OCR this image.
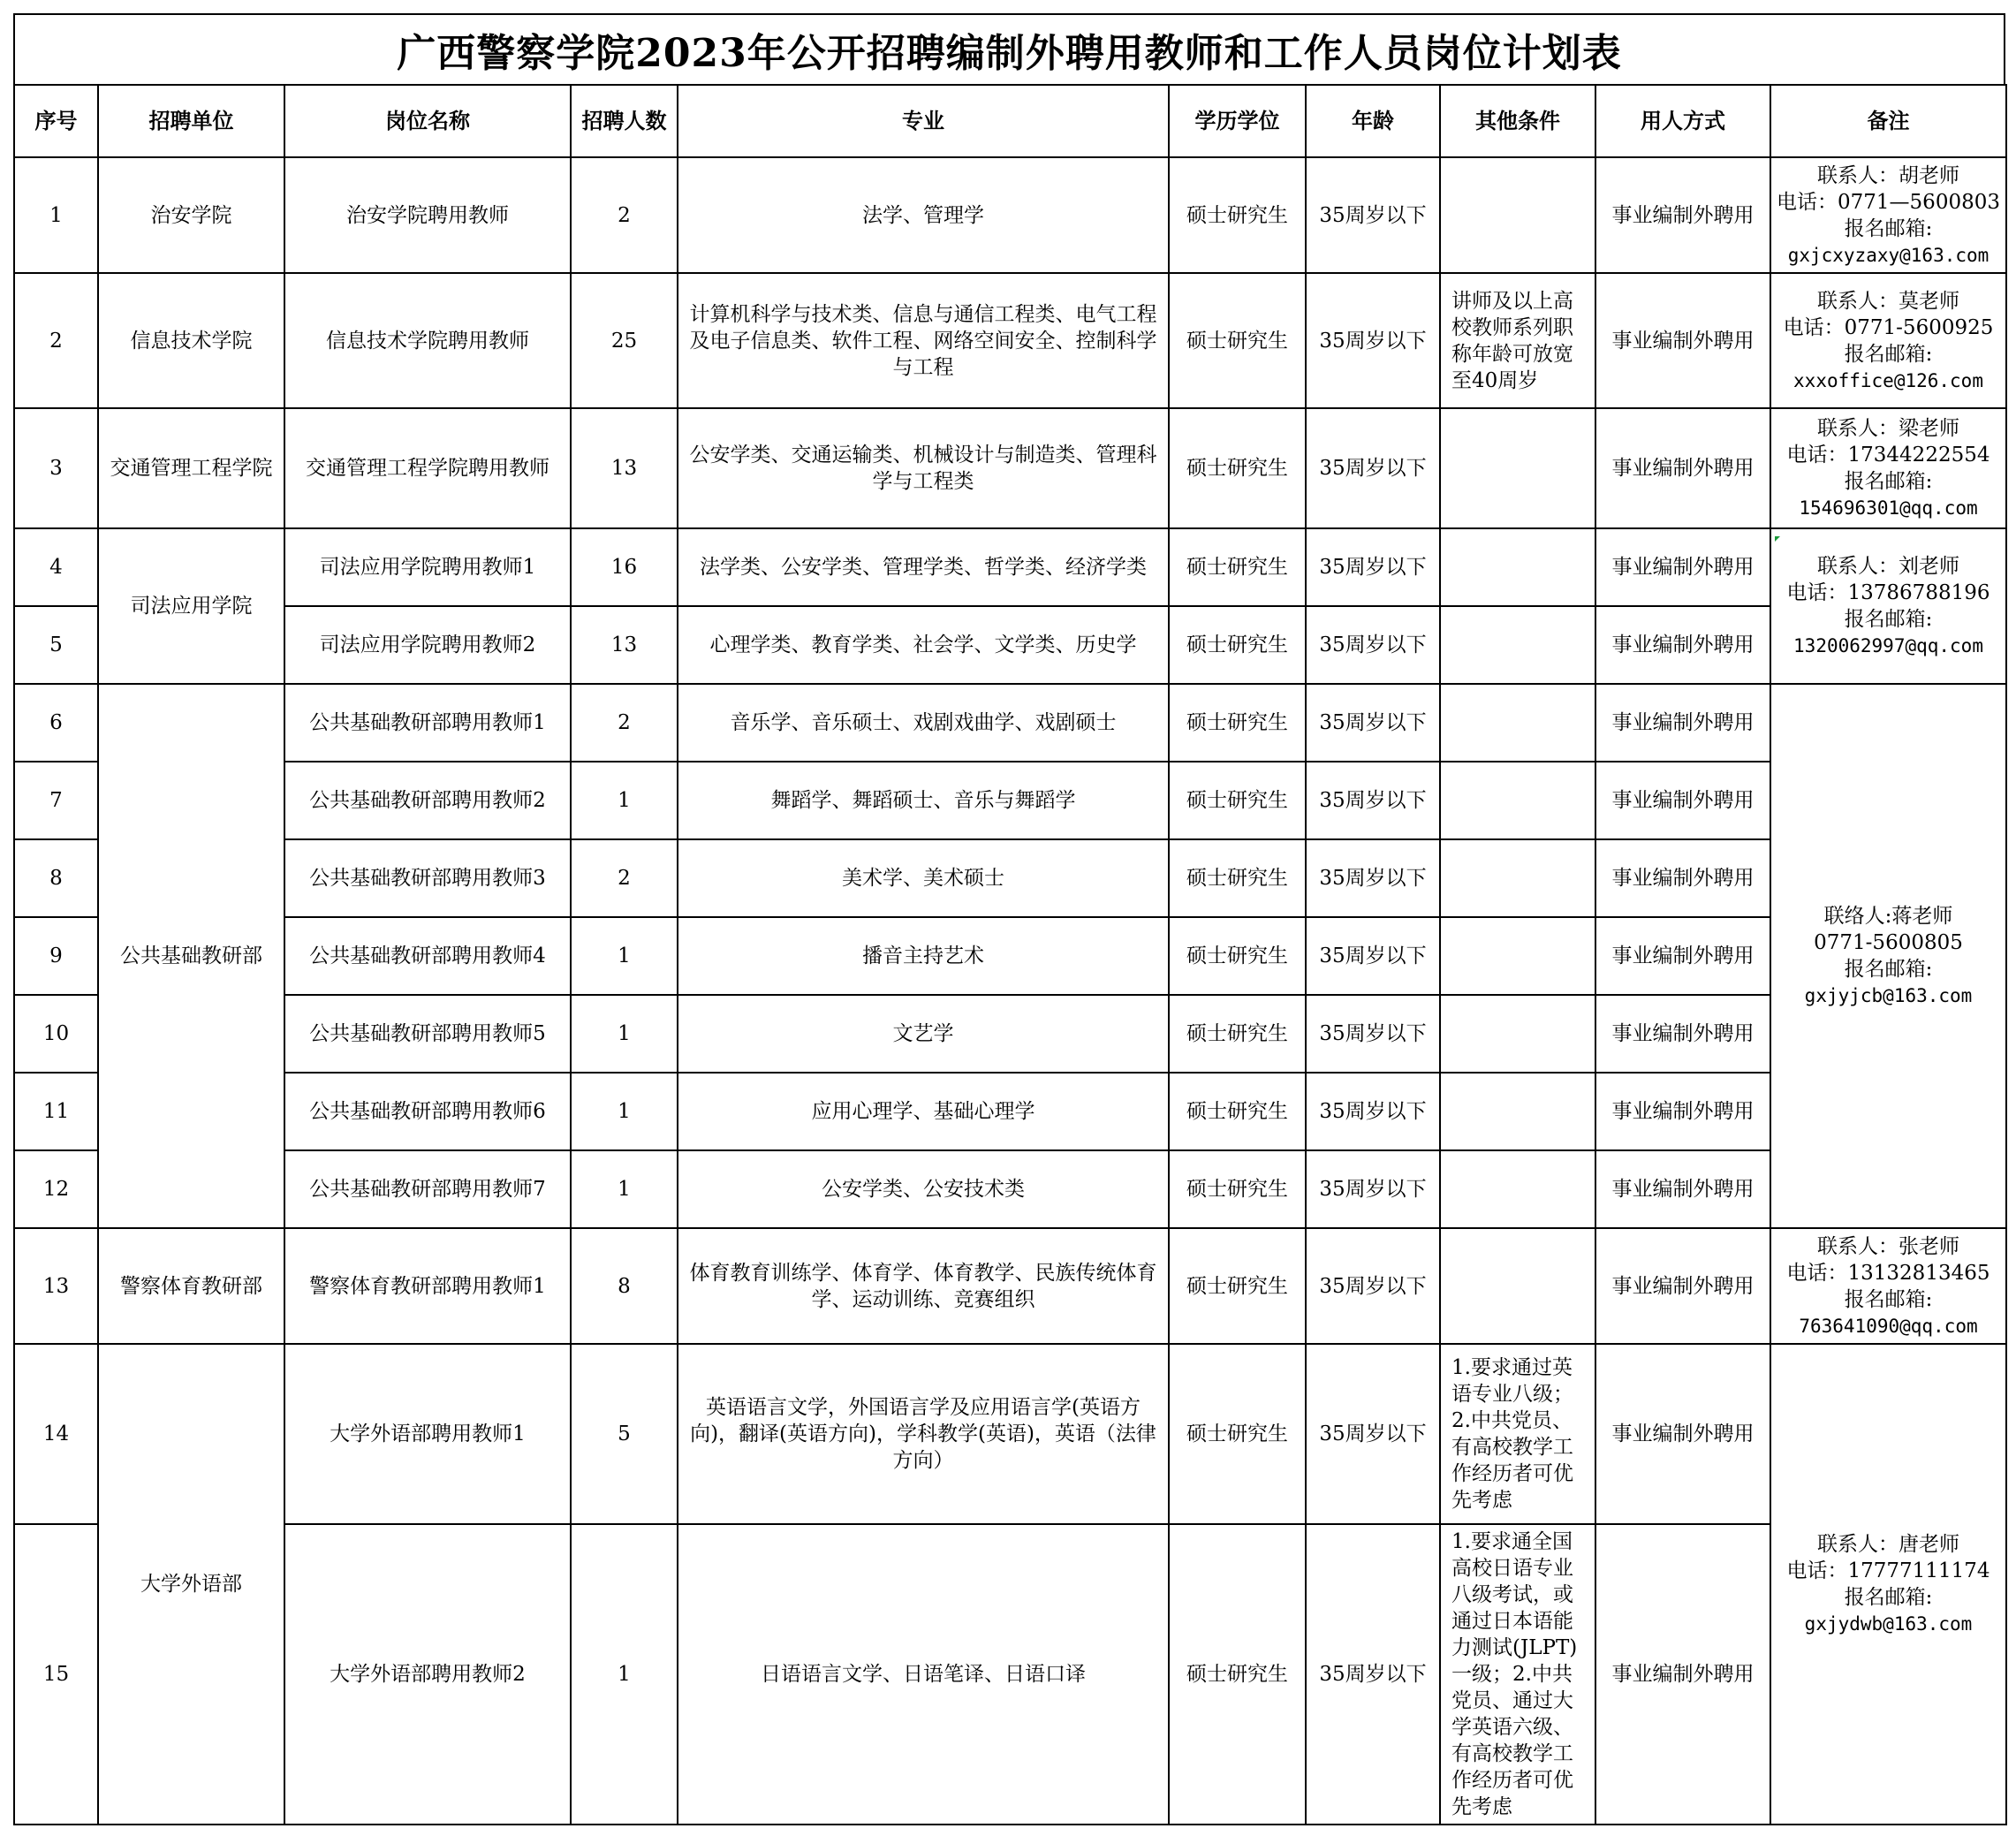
广西警察学院2023年公开招聘编制外聘用教师和工作人员岗位计划表
序号	招聘单位	岗位名称	招聘人数	专业	学历学位	年龄	其他条件	用人方式	备注
1	治安学院	治安学院聘用教师	2	法学、管理学	硕士研究生	35周岁以下		事业编制外聘用	联系人：胡老师
电话：0771—5600803
报名邮箱:
gxjcxyzaxy@163.com

2	信息技术学院	信息技术学院聘用教师	25	计算机科学与技术类、信息与通信工程类、电气工程及电子信息类、软件工程、网络空间安全、控制科学与工程	硕士研究生	35周岁以下	讲师及以上高校教师系列职称年龄可放宽至40周岁	事业编制外聘用	联系人：莫老师
电话：0771-5600925
报名邮箱:
xxxoffice@126.com

3	交通管理工程学院	交通管理工程学院聘用教师	13	公安学类、交通运输类、机械设计与制造类、管理科学与工程类	硕士研究生	35周岁以下		事业编制外聘用	联系人：梁老师
电话：17344222554
报名邮箱:
154696301@qq.com

4	司法应用学院	司法应用学院聘用教师1	16	法学类、公安学类、管理学类、哲学类、经济学类	硕士研究生	35周岁以下		事业编制外聘用	联系人：刘老师
电话：13786788196
报名邮箱:
1320062997@qq.com

5		司法应用学院聘用教师2	13	心理学类、教育学类、社会学、文学类、历史学	硕士研究生	35周岁以下		事业编制外聘用	
6	公共基础教研部	公共基础教研部聘用教师1	2	音乐学、音乐硕士、戏剧戏曲学、戏剧硕士	硕士研究生	35周岁以下		事业编制外聘用	联络人:蒋老师
0771-5600805
报名邮箱:
gxjyjcb@163.com

7		公共基础教研部聘用教师2	1	舞蹈学、舞蹈硕士、音乐与舞蹈学	硕士研究生	35周岁以下		事业编制外聘用	
8		公共基础教研部聘用教师3	2	美术学、美术硕士	硕士研究生	35周岁以下		事业编制外聘用	
9		公共基础教研部聘用教师4	1	播音主持艺术	硕士研究生	35周岁以下		事业编制外聘用	
10		公共基础教研部聘用教师5	1	文艺学	硕士研究生	35周岁以下		事业编制外聘用	
11		公共基础教研部聘用教师6	1	应用心理学、基础心理学	硕士研究生	35周岁以下		事业编制外聘用	
12		公共基础教研部聘用教师7	1	公安学类、公安技术类	硕士研究生	35周岁以下		事业编制外聘用	
13	警察体育教研部	警察体育教研部聘用教师1	8	体育教育训练学、体育学、体育教学、民族传统体育学、运动训练、竞赛组织	硕士研究生	35周岁以下		事业编制外聘用	联系人：张老师
电话：13132813465
报名邮箱:
763641090@qq.com

14	大学外语部	大学外语部聘用教师1	5	英语语言文学，外国语言学及应用语言学(英语方向)，翻译(英语方向)，学科教学(英语)，英语（法律方向）	硕士研究生	35周岁以下	1.要求通过英语专业八级；2.中共党员、有高校教学工作经历者可优先考虑	事业编制外聘用	联系人：唐老师
电话：17777111174
报名邮箱:
gxjydwb@163.com

15		大学外语部聘用教师2	1	日语语言文学、日语笔译、日语口译	硕士研究生	35周岁以下	1.要求通全国高校日语专业八级考试，或通过日本语能力测试(JLPT)一级；2.中共党员、通过大学英语六级、有高校教学工作经历者可优先考虑	事业编制外聘用	
